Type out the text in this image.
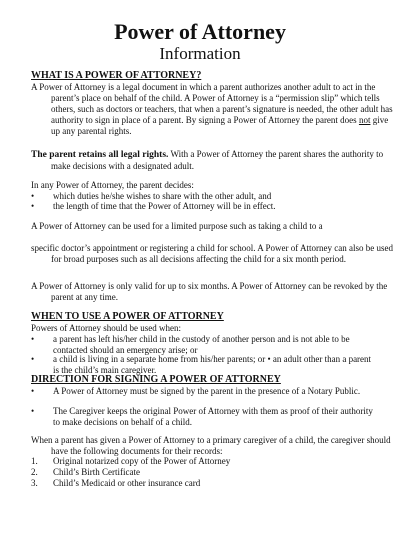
Power of Attorney
Information
WHAT IS A POWER OF ATTORNEY?
A Power of Attorney is a legal document in which a parent authorizes another adult to act in the parent’s place on behalf of the child. A Power of Attorney is a “permission slip” which tells others, such as doctors or teachers, that when a parent’s signature is needed, the other adult has authority to sign in place of a parent. By signing a Power of Attorney the parent does not give up any parental rights.
The parent retains all legal rights. With a Power of Attorney the parent shares the authority to make decisions with a designated adult.
In any Power of Attorney, the parent decides:
•	which duties he/she wishes to share with the other adult, and
•	the length of time that the Power of Attorney will be in effect.
A Power of Attorney can be used for a limited purpose such as taking a child to a
specific doctor’s appointment or registering a child for school. A Power of Attorney can also be used for broad purposes such as all decisions affecting the child for a six month period.
A Power of Attorney is only valid for up to six months. A Power of Attorney can be revoked by the parent at any time.
WHEN TO USE A POWER OF ATTORNEY
Powers of Attorney should be used when:
•	a parent has left his/her child in the custody of another person and is not able to be contacted should an emergency arise; or
•	a child is living in a separate home from his/her parents; or • an adult other than a parent is the child’s main caregiver.
DIRECTION FOR SIGNING A POWER OF ATTORNEY
•	A Power of Attorney must be signed by the parent in the presence of a Notary Public.
•	The Caregiver keeps the original Power of Attorney with them as proof of their authority to make decisions on behalf of a child.
When a parent has given a Power of Attorney to a primary caregiver of a child, the caregiver should have the following documents for their records:
1.	Original notarized copy of the Power of Attorney
2.	Child’s Birth Certificate
3.	Child’s Medicaid or other insurance card
